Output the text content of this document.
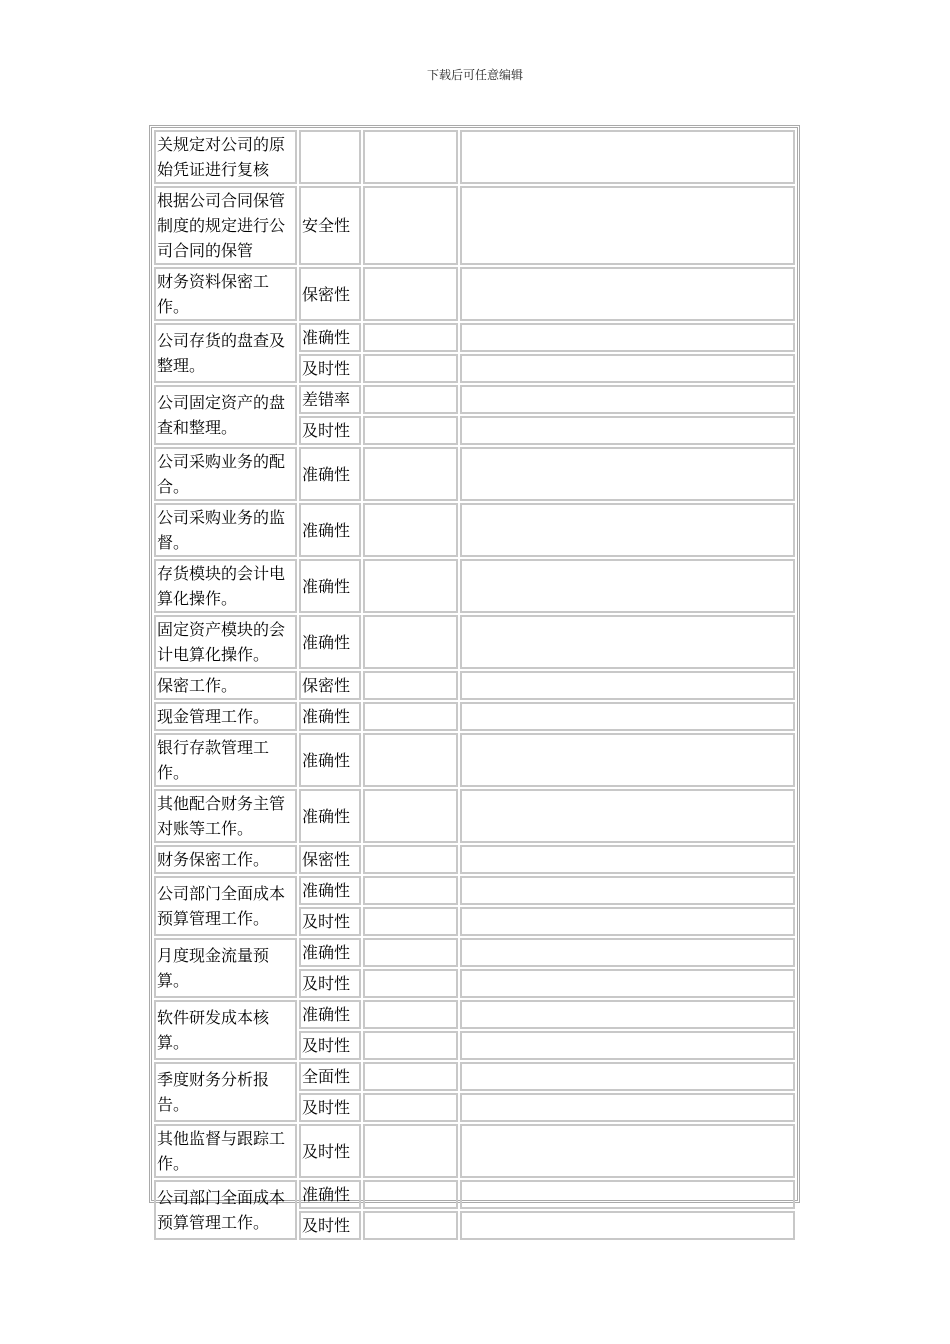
下载后可任意编辑
关规定对公司的原始凭证进行复核			
根据公司合同保管制度的规定进行公司合同的保管	安全性		
财务资料保密工作。	保密性		
公司存货的盘查及整理。	准确性		
	及时性		
公司固定资产的盘查和整理。	差错率		
	及时性		
公司采购业务的配合。	准确性		
公司采购业务的监督。	准确性		
存货模块的会计电算化操作。	准确性		
固定资产模块的会计电算化操作。	准确性		
保密工作。	保密性		
现金管理工作。	准确性		
银行存款管理工作。	准确性		
其他配合财务主管对账等工作。	准确性		
财务保密工作。	保密性		
公司部门全面成本预算管理工作。	准确性		
	及时性		
月度现金流量预算。	准确性		
	及时性		
软件研发成本核算。	准确性		
	及时性		
季度财务分析报告。	全面性		
	及时性		
其他监督与跟踪工作。	及时性		
公司部门全面成本预算管理工作。	准确性		
	及时性		
